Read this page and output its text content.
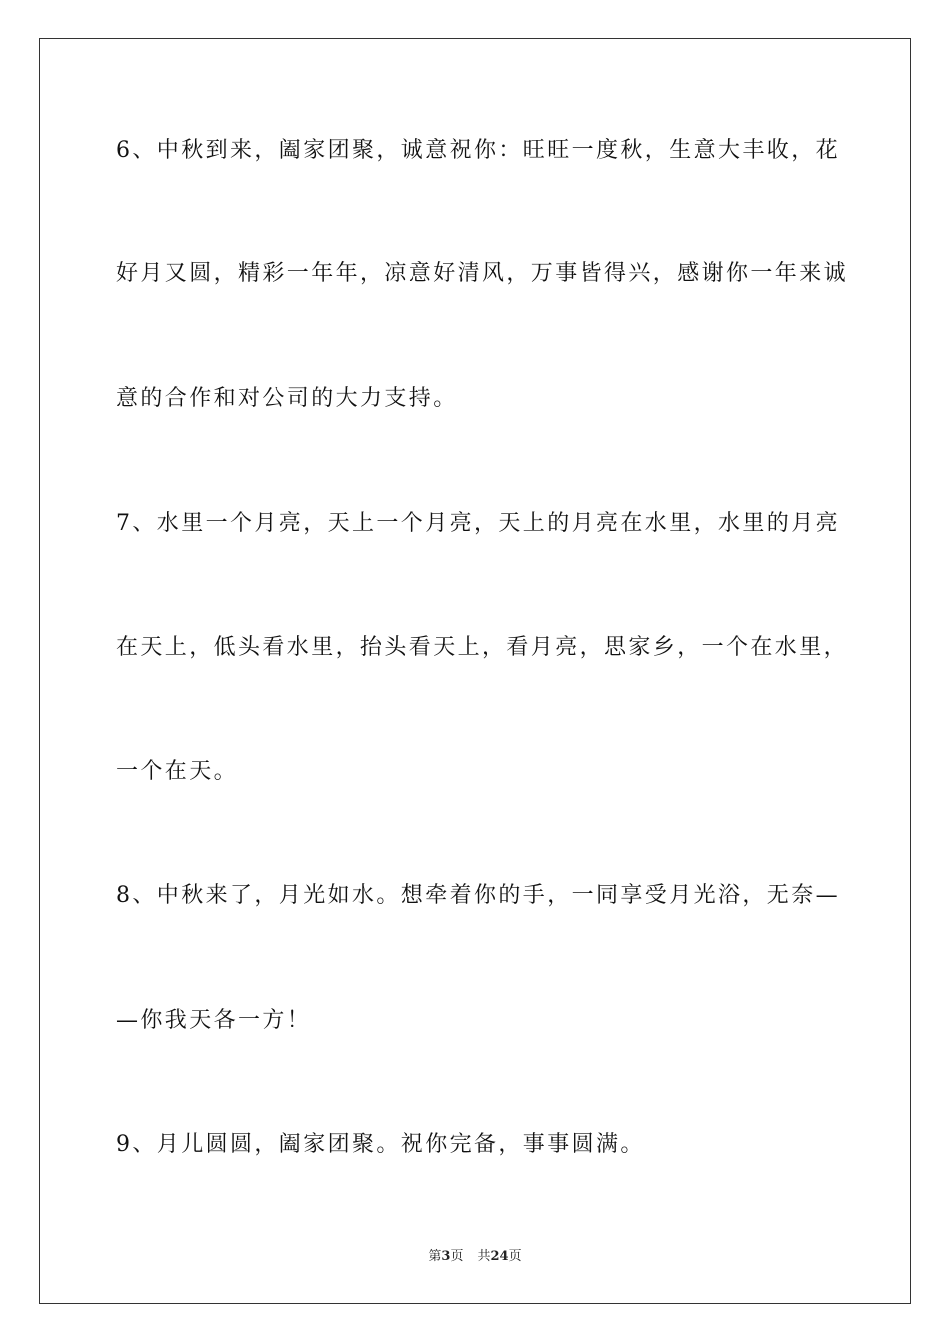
6、中秋到来，阖家团聚，诚意祝你：旺旺一度秋，生意大丰收，花
好月又圆，精彩一年年，凉意好清风，万事皆得兴，感谢你一年来诚
意的合作和对公司的大力支持。
7、水里一个月亮，天上一个月亮，天上的月亮在水里，水里的月亮
在天上，低头看水里，抬头看天上，看月亮，思家乡，一个在水里，
一个在天。
8、中秋来了，月光如水。想牵着你的手，一同享受月光浴，无奈—
—你我天各一方！
9、月儿圆圆，阖家团聚。祝你完备，事事圆满。
第3页 共24页
